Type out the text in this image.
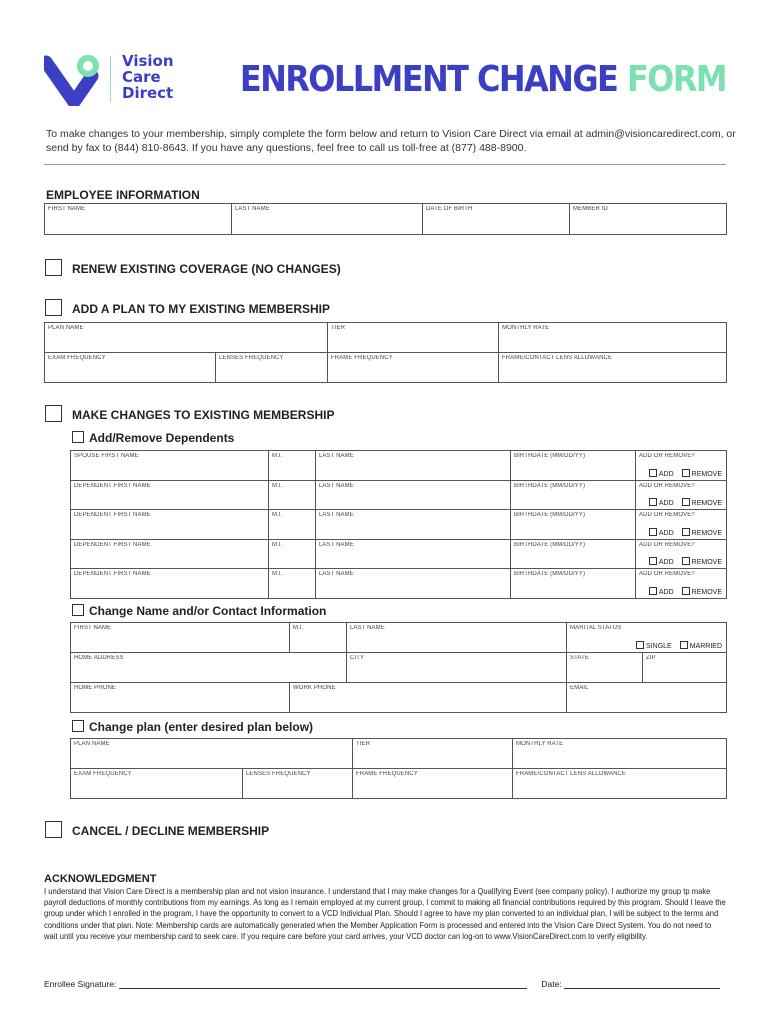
Vision
Care
Direct ENROLLMENT CHANGE FORM
To make changes to your membership, simply complete the form below and return to Vision Care Direct via email at admin@visioncaredirect.com, or send by fax to (844) 810-8643. If you have any questions, feel free to call us toll-free at (877) 488-8900.
EMPLOYEE INFORMATION
FIRST NAME	LAST NAME	DATE OF BIRTH	MEMBER ID
RENEW EXISTING COVERAGE (NO CHANGES)
ADD A PLAN TO MY EXISTING MEMBERSHIP
PLAN NAME		TIER	MONTHLY RATE

EXAM FREQUENCY	LENSES FREQUENCY	FRAME FREQUENCY	FRAME/CONTACT LENS ALLOWANCE
MAKE CHANGES TO EXISTING MEMBERSHIP
Add/Remove Dependents
SPOUSE FIRST NAME	M.I.	LAST NAME	BIRTHDATE (MM/DD/YY)	ADD OR REMOVE?
ADD REMOVE

DEPENDENT FIRST NAME	M.I.	LAST NAME	BIRTHDATE (MM/DD/YY)	ADD OR REMOVE?
ADD REMOVE

DEPENDENT FIRST NAME	M.I.	LAST NAME	BIRTHDATE (MM/DD/YY)	ADD OR REMOVE?
ADD REMOVE

DEPENDENT FIRST NAME	M.I.	LAST NAME	BIRTHDATE (MM/DD/YY)	ADD OR REMOVE?
ADD REMOVE

DEPENDENT FIRST NAME	M.I.	LAST NAME	BIRTHDATE (MM/DD/YY)	ADD OR REMOVE?
ADD REMOVE
Change Name and/or Contact Information
FIRST NAME	M.I.	LAST NAME	MARITAL STATUS
SINGLE MARRIED	

HOME ADDRESS		CITY	STATE	ZIP

HOME PHONE	WORK PHONE		EMAIL	
Change plan (enter desired plan below)
PLAN NAME		TIER	MONTHLY RATE

EXAM FREQUENCY	LENSES FREQUENCY	FRAME FREQUENCY	FRAME/CONTACT LENS ALLOWANCE
CANCEL / DECLINE MEMBERSHIP
ACKNOWLEDGMENT
I understand that Vision Care Direct is a membership plan and not vision insurance. I understand that I may make changes for a Qualifying Event (see company policy). I authorize my group tp make payroll deductions of monthly contributions from my earnings. As long as I remain employed at my current group, I commit to making all financial contributions required by this program. Should I leave the group under which I enrolled in the program, I have the opportunity to convert to a VCD Individual Plan. Should I agree to have my plan converted to an individual plan, I will be subject to the terms and conditions under that plan. Note: Membership cards are automatically generated when the Member Application Form is processed and entered into the Vision Care Direct System. You do not need to wait until you receive your membership card to seek care. If you require care before your card arrives, your VCD doctor can log-on to www.VisionCareDirect.com to verify eligibility.
Enrollee Signature:	Date:
